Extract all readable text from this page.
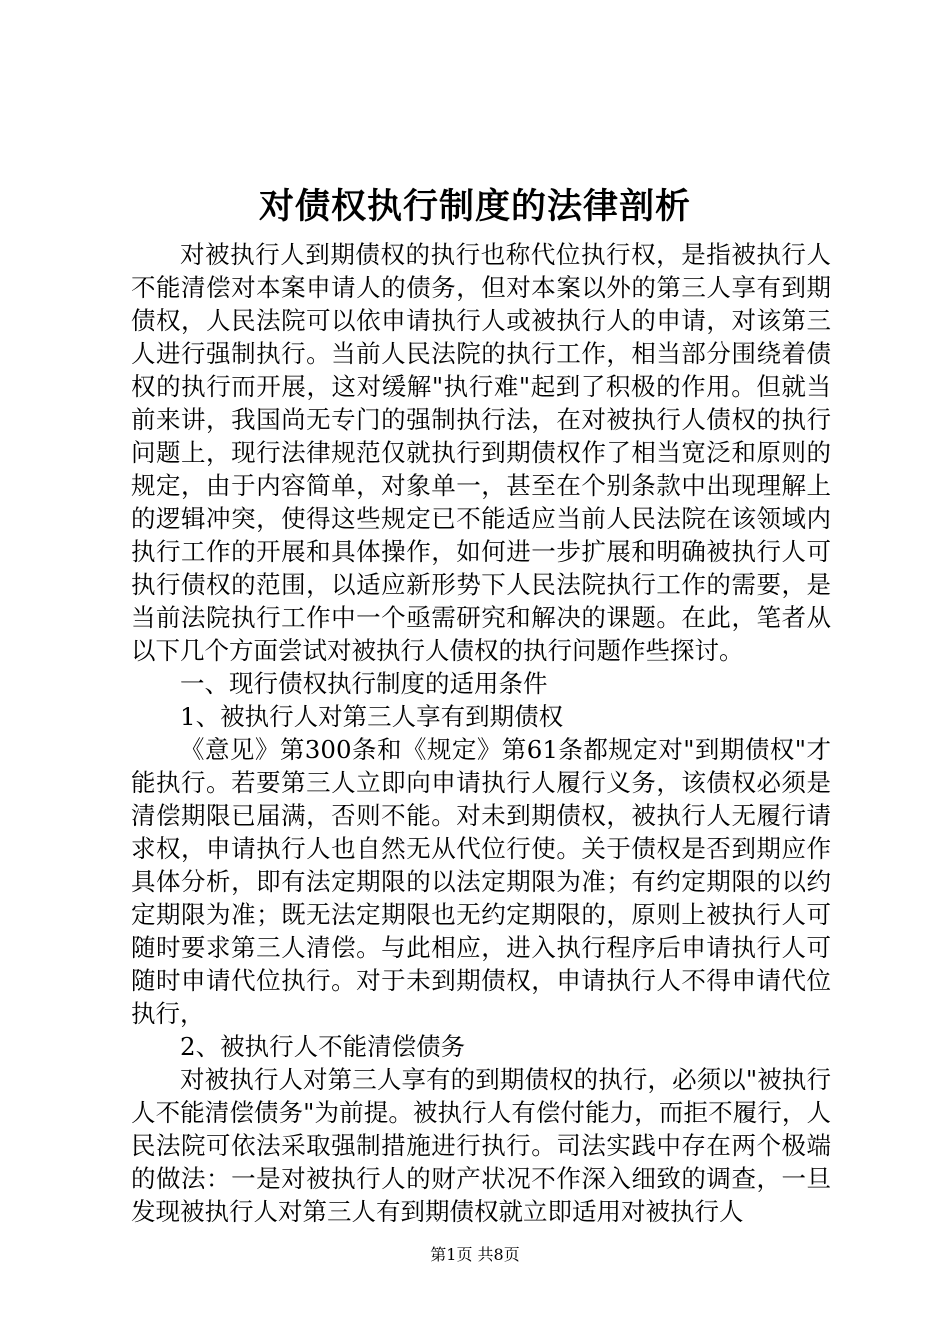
对债权执行制度的法律剖析

对被执行人到期债权的执行也称代位执行权，是指被执行人不能清偿对本案申请人的债务，但对本案以外的第三人享有到期债权，人民法院可以依申请执行人或被执行人的申请，对该第三人进行强制执行。当前人民法院的执行工作，相当部分围绕着债权的执行而开展，这对缓解"执行难"起到了积极的作用。但就当前来讲，我国尚无专门的强制执行法，在对被执行人债权的执行问题上，现行法律规范仅就执行到期债权作了相当宽泛和原则的规定，由于内容简单，对象单一，甚至在个别条款中出现理解上的逻辑冲突，使得这些规定已不能适应当前人民法院在该领域内执行工作的开展和具体操作，如何进一步扩展和明确被执行人可执行债权的范围，以适应新形势下人民法院执行工作的需要，是当前法院执行工作中一个亟需研究和解决的课题。在此，笔者从以下几个方面尝试对被执行人债权的执行问题作些探讨。

一、现行债权执行制度的适用条件

1、被执行人对第三人享有到期债权

《意见》第300条和《规定》第61条都规定对"到期债权"才能执行。若要第三人立即向申请执行人履行义务，该债权必须是清偿期限已届满，否则不能。对未到期债权，被执行人无履行请求权，申请执行人也自然无从代位行使。关于债权是否到期应作具体分析，即有法定期限的以法定期限为准；有约定期限的以约定期限为准；既无法定期限也无约定期限的，原则上被执行人可随时要求第三人清偿。与此相应，进入执行程序后申请执行人可随时申请代位执行。对于未到期债权，申请执行人不得申请代位执行，

2、被执行人不能清偿债务

对被执行人对第三人享有的到期债权的执行，必须以"被执行人不能清偿债务"为前提。被执行人有偿付能力，而拒不履行，人民法院可依法采取强制措施进行执行。司法实践中存在两个极端的做法：一是对被执行人的财产状况不作深入细致的调查，一旦发现被执行人对第三人有到期债权就立即适用对被执行人

第1页 共8页
